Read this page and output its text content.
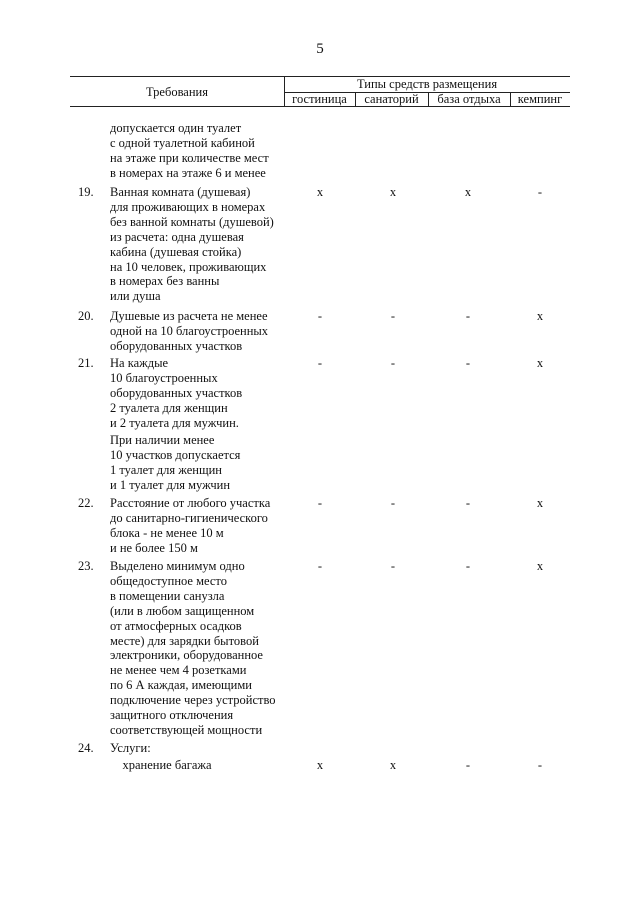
5
Требования
Типы средств размещения
гостиница	санаторий	база отдыха	кемпинг
допускается один туалет
с одной туалетной кабиной
на этаже при количестве мест
в номерах на этаже 6 и менее
19.	Ванная комната (душевая)
для проживающих в номерах
без ванной комнаты (душевой)
из расчета: одна душевая
кабина (душевая стойка)
на 10 человек, проживающих
в номерах без ванны
или душа
x	x	x	-
20.	Душевые из расчета не менее
одной на 10 благоустроенных
оборудованных участков
-	-	-	x
21.	На каждые
10 благоустроенных
оборудованных участков
2 туалета для женщин
и 2 туалета для мужчин.
-	-	-	x
При наличии менее
10 участков допускается
1 туалет для женщин
и 1 туалет для мужчин
22.	Расстояние от любого участка
до санитарно-гигиенического
блока - не менее 10 м
и не более 150 м
-	-	-	x
23.	Выделено минимум одно
общедоступное место
в помещении санузла
(или в любом защищенном
от атмосферных осадков
месте) для зарядки бытовой
электроники, оборудованное
не менее чем 4 розетками
по 6 А каждая, имеющими
подключение через устройство
защитного отключения
соответствующей мощности
-	-	-	x
24.	Услуги:
хранение багажа	x	x	-	-
